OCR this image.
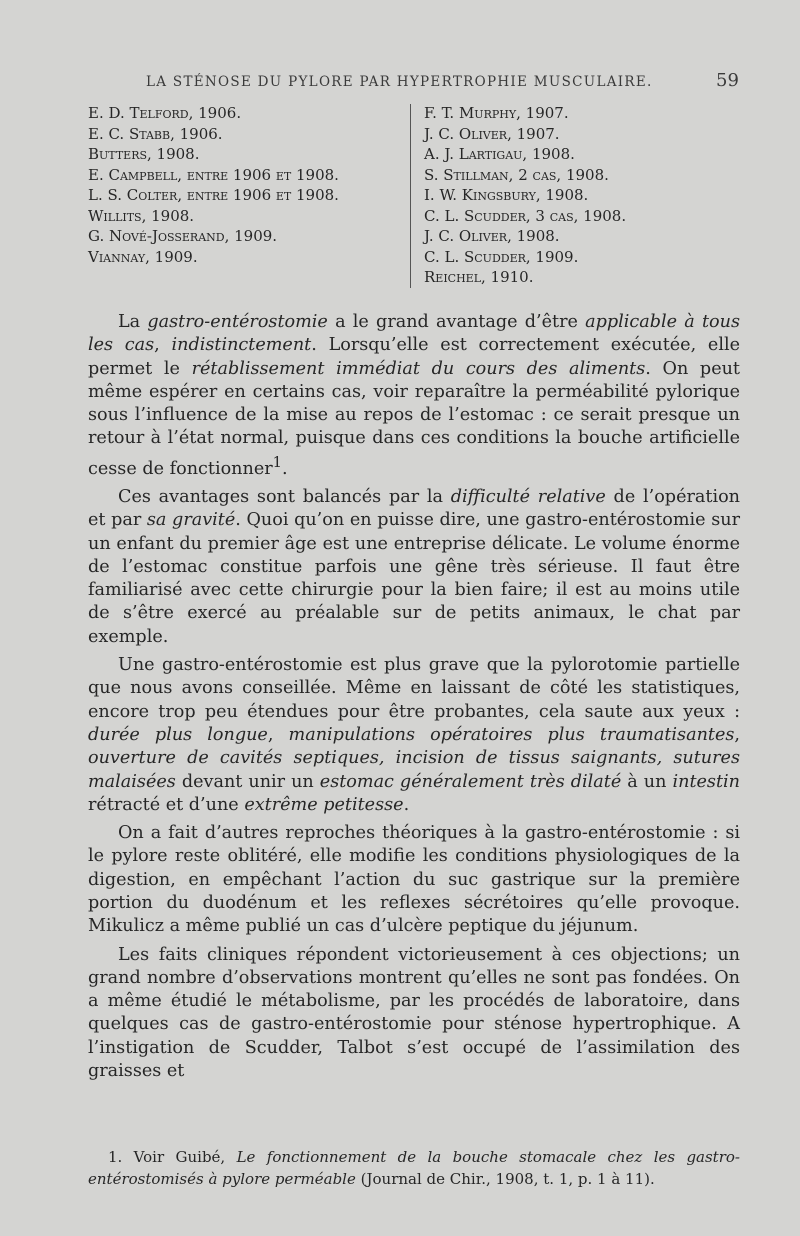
LA STÉNOSE DU PYLORE PAR HYPERTROPHIE MUSCULAIRE.	59
E. D. Telford, 1906.
E. C. Stabb, 1906.
Butters, 1908.
E. Campbell, entre 1906 et 1908.
L. S. Colter, entre 1906 et 1908.
Willits, 1908.
G. Nové-Josserand, 1909.
Viannay, 1909.
F. T. Murphy, 1907.
J. C. Oliver, 1907.
A. J. Lartigau, 1908.
S. Stillman, 2 cas, 1908.
I. W. Kingsbury, 1908.
C. L. Scudder, 3 cas, 1908.
J. C. Oliver, 1908.
C. L. Scudder, 1909.
Reichel, 1910.

La gastro-entérostomie a le grand avantage d’être applicable à tous les cas, indistinctement. Lorsqu’elle est correctement exécutée, elle permet le rétablissement immédiat du cours des aliments. On peut même espérer en certains cas, voir reparaître la perméabilité pylorique sous l’influence de la mise au repos de l’estomac : ce serait presque un retour à l’état normal, puisque dans ces conditions la bouche artificielle cesse de fonctionner$^1$.

Ces avantages sont balancés par la difficulté relative de l’opération et par sa gravité. Quoi qu’on en puisse dire, une gastro-entérostomie sur un enfant du premier âge est une entreprise délicate. Le volume énorme de l’estomac constitue parfois une gêne très sérieuse. Il faut être familiarisé avec cette chirurgie pour la bien faire; il est au moins utile de s’être exercé au préalable sur de petits animaux, le chat par exemple.

Une gastro-entérostomie est plus grave que la pylorotomie partielle que nous avons conseillée. Même en laissant de côté les statistiques, encore trop peu étendues pour être probantes, cela saute aux yeux : durée plus longue, manipulations opératoires plus traumatisantes, ouverture de cavités septiques, incision de tissus saignants, sutures malaisées devant unir un estomac généralement très dilaté à un intestin rétracté et d’une extrême petitesse.

On a fait d’autres reproches théoriques à la gastro-entérostomie : si le pylore reste oblitéré, elle modifie les conditions physiologiques de la digestion, en empêchant l’action du suc gastrique sur la première portion du duodénum et les reflexes sécrétoires qu’elle provoque. Mikulicz a même publié un cas d’ulcère peptique du jéjunum.

Les faits cliniques répondent victorieusement à ces objections; un grand nombre d’observations montrent qu’elles ne sont pas fondées. On a même étudié le métabolisme, par les procédés de laboratoire, dans quelques cas de gastro-entérostomie pour sténose hypertrophique. A l’instigation de Scudder, Talbot s’est occupé de l’assimilation des graisses et

1. Voir Guibé, Le fonctionnement de la bouche stomacale chez les gastro-entérostomisés à pylore perméable (Journal de Chir., 1908, t. 1, p. 1 à 11).
